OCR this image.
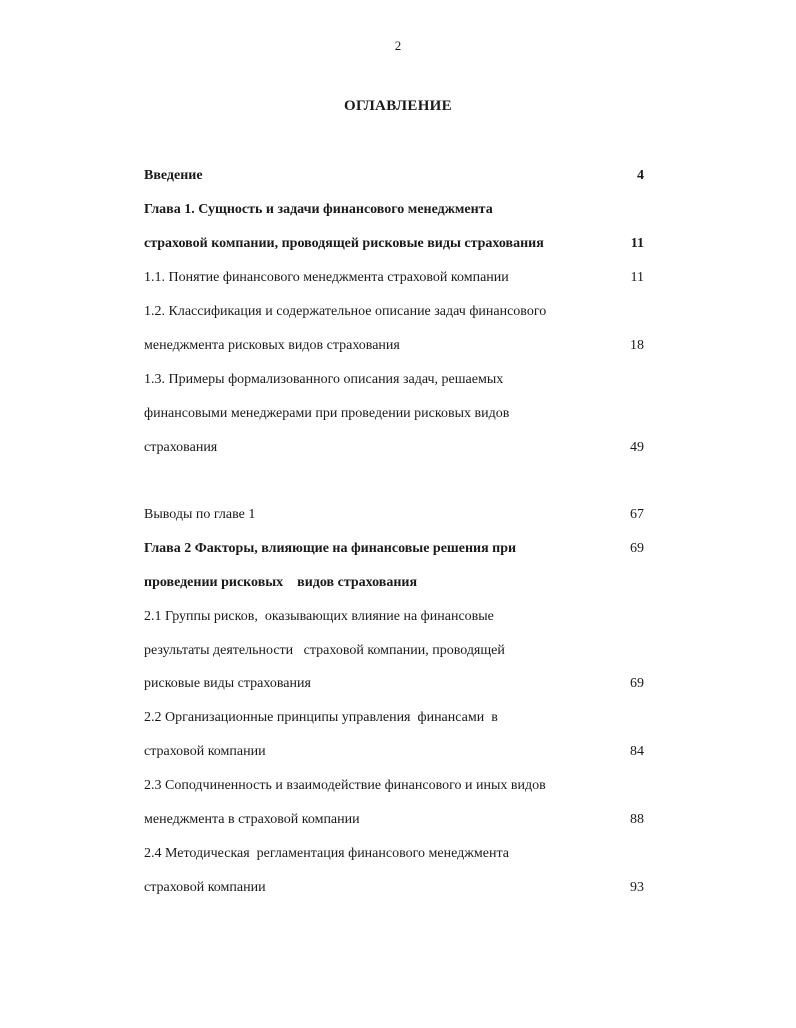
2
ОГЛАВЛЕНИЕ
Введение	4
Глава 1. Сущность и задачи финансового менеджмента
страховой компании, проводящей рисковые виды страхования	11
1.1. Понятие финансового менеджмента страховой компании	11
1.2. Классификация и содержательное описание задач финансового
менеджмента рисковых видов страхования	18
1.3. Примеры формализованного описания задач, решаемых
финансовыми менеджерами при проведении рисковых видов
страхования	49
Выводы по главе 1	67
Глава 2 Факторы, влияющие на финансовые решения при	69
проведении рисковых    видов страхования
2.1 Группы рисков,  оказывающих влияние на финансовые
результаты деятельности   страховой компании, проводящей
рисковые виды страхования	69
2.2 Организационные принципы управления  финансами  в
страховой компании	84
2.3 Соподчиненность и взаимодействие финансового и иных видов
менеджмента в страховой компании	88
2.4 Методическая  регламентация финансового менеджмента
страховой компании	93
